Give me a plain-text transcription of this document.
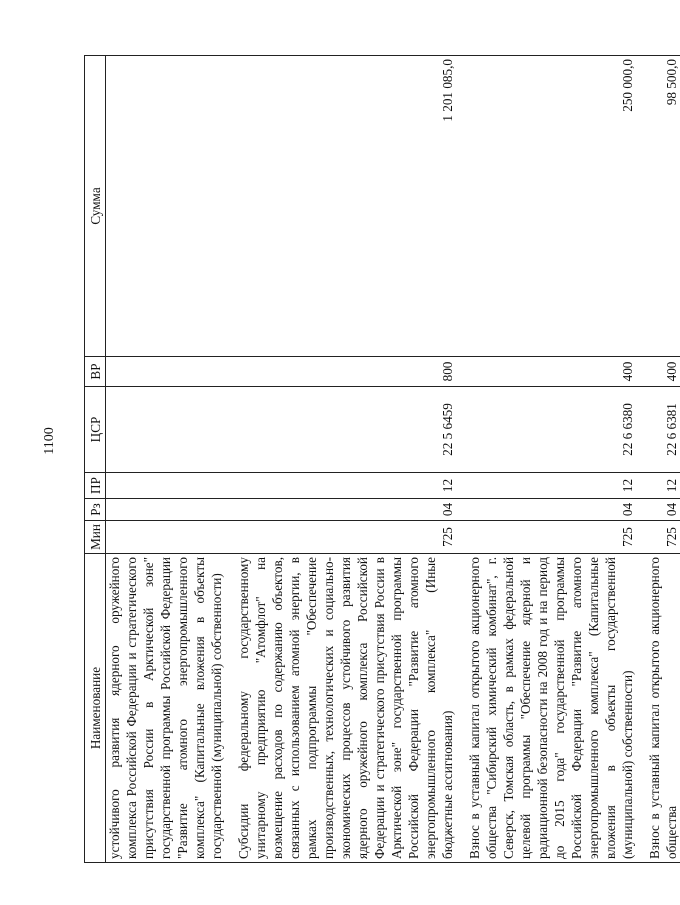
1100
Наименование	Мин	Рз	ПР	ЦСР	ВР	Сумма
устойчивого развития ядерного оружейного комплекса Российской Федерации и стратегического присутствия России в Арктической зоне" государственной программы Российской Федерации "Развитие атомного энергопромышленного комплекса" (Капитальные вложения в объекты государственной (муниципальной) собственности)						
Субсидии федеральному государственному унитарному предприятию "Атомфлот" на возмещение расходов по содержанию объектов, связанных с использованием атомной энергии, в рамках подпрограммы "Обеспечение производственных, технологических и социально-экономических процессов устойчивого развития ядерного оружейного комплекса Российской Федерации и стратегического присутствия России в Арктической зоне" государственной программы Российской Федерации "Развитие атомного энергопромышленного комплекса" (Иные бюджетные ассигнования)	725	04	12	22 5 6459	800	1 201 085,0
Взнос в уставный капитал открытого акционерного общества "Сибирский химический комбинат", г. Северск, Томская область, в рамках федеральной целевой программы "Обеспечение ядерной и радиационной безопасности на 2008 год и на период до 2015 года" государственной программы Российской Федерации "Развитие атомного энергопромышленного комплекса" (Капитальные вложения в объекты государственной (муниципальной) собственности)	725	04	12	22 6 6380	400	250 000,0
Взнос в уставный капитал открытого акционерного общества	725	04	12	22 6 6381	400	98 500,0
